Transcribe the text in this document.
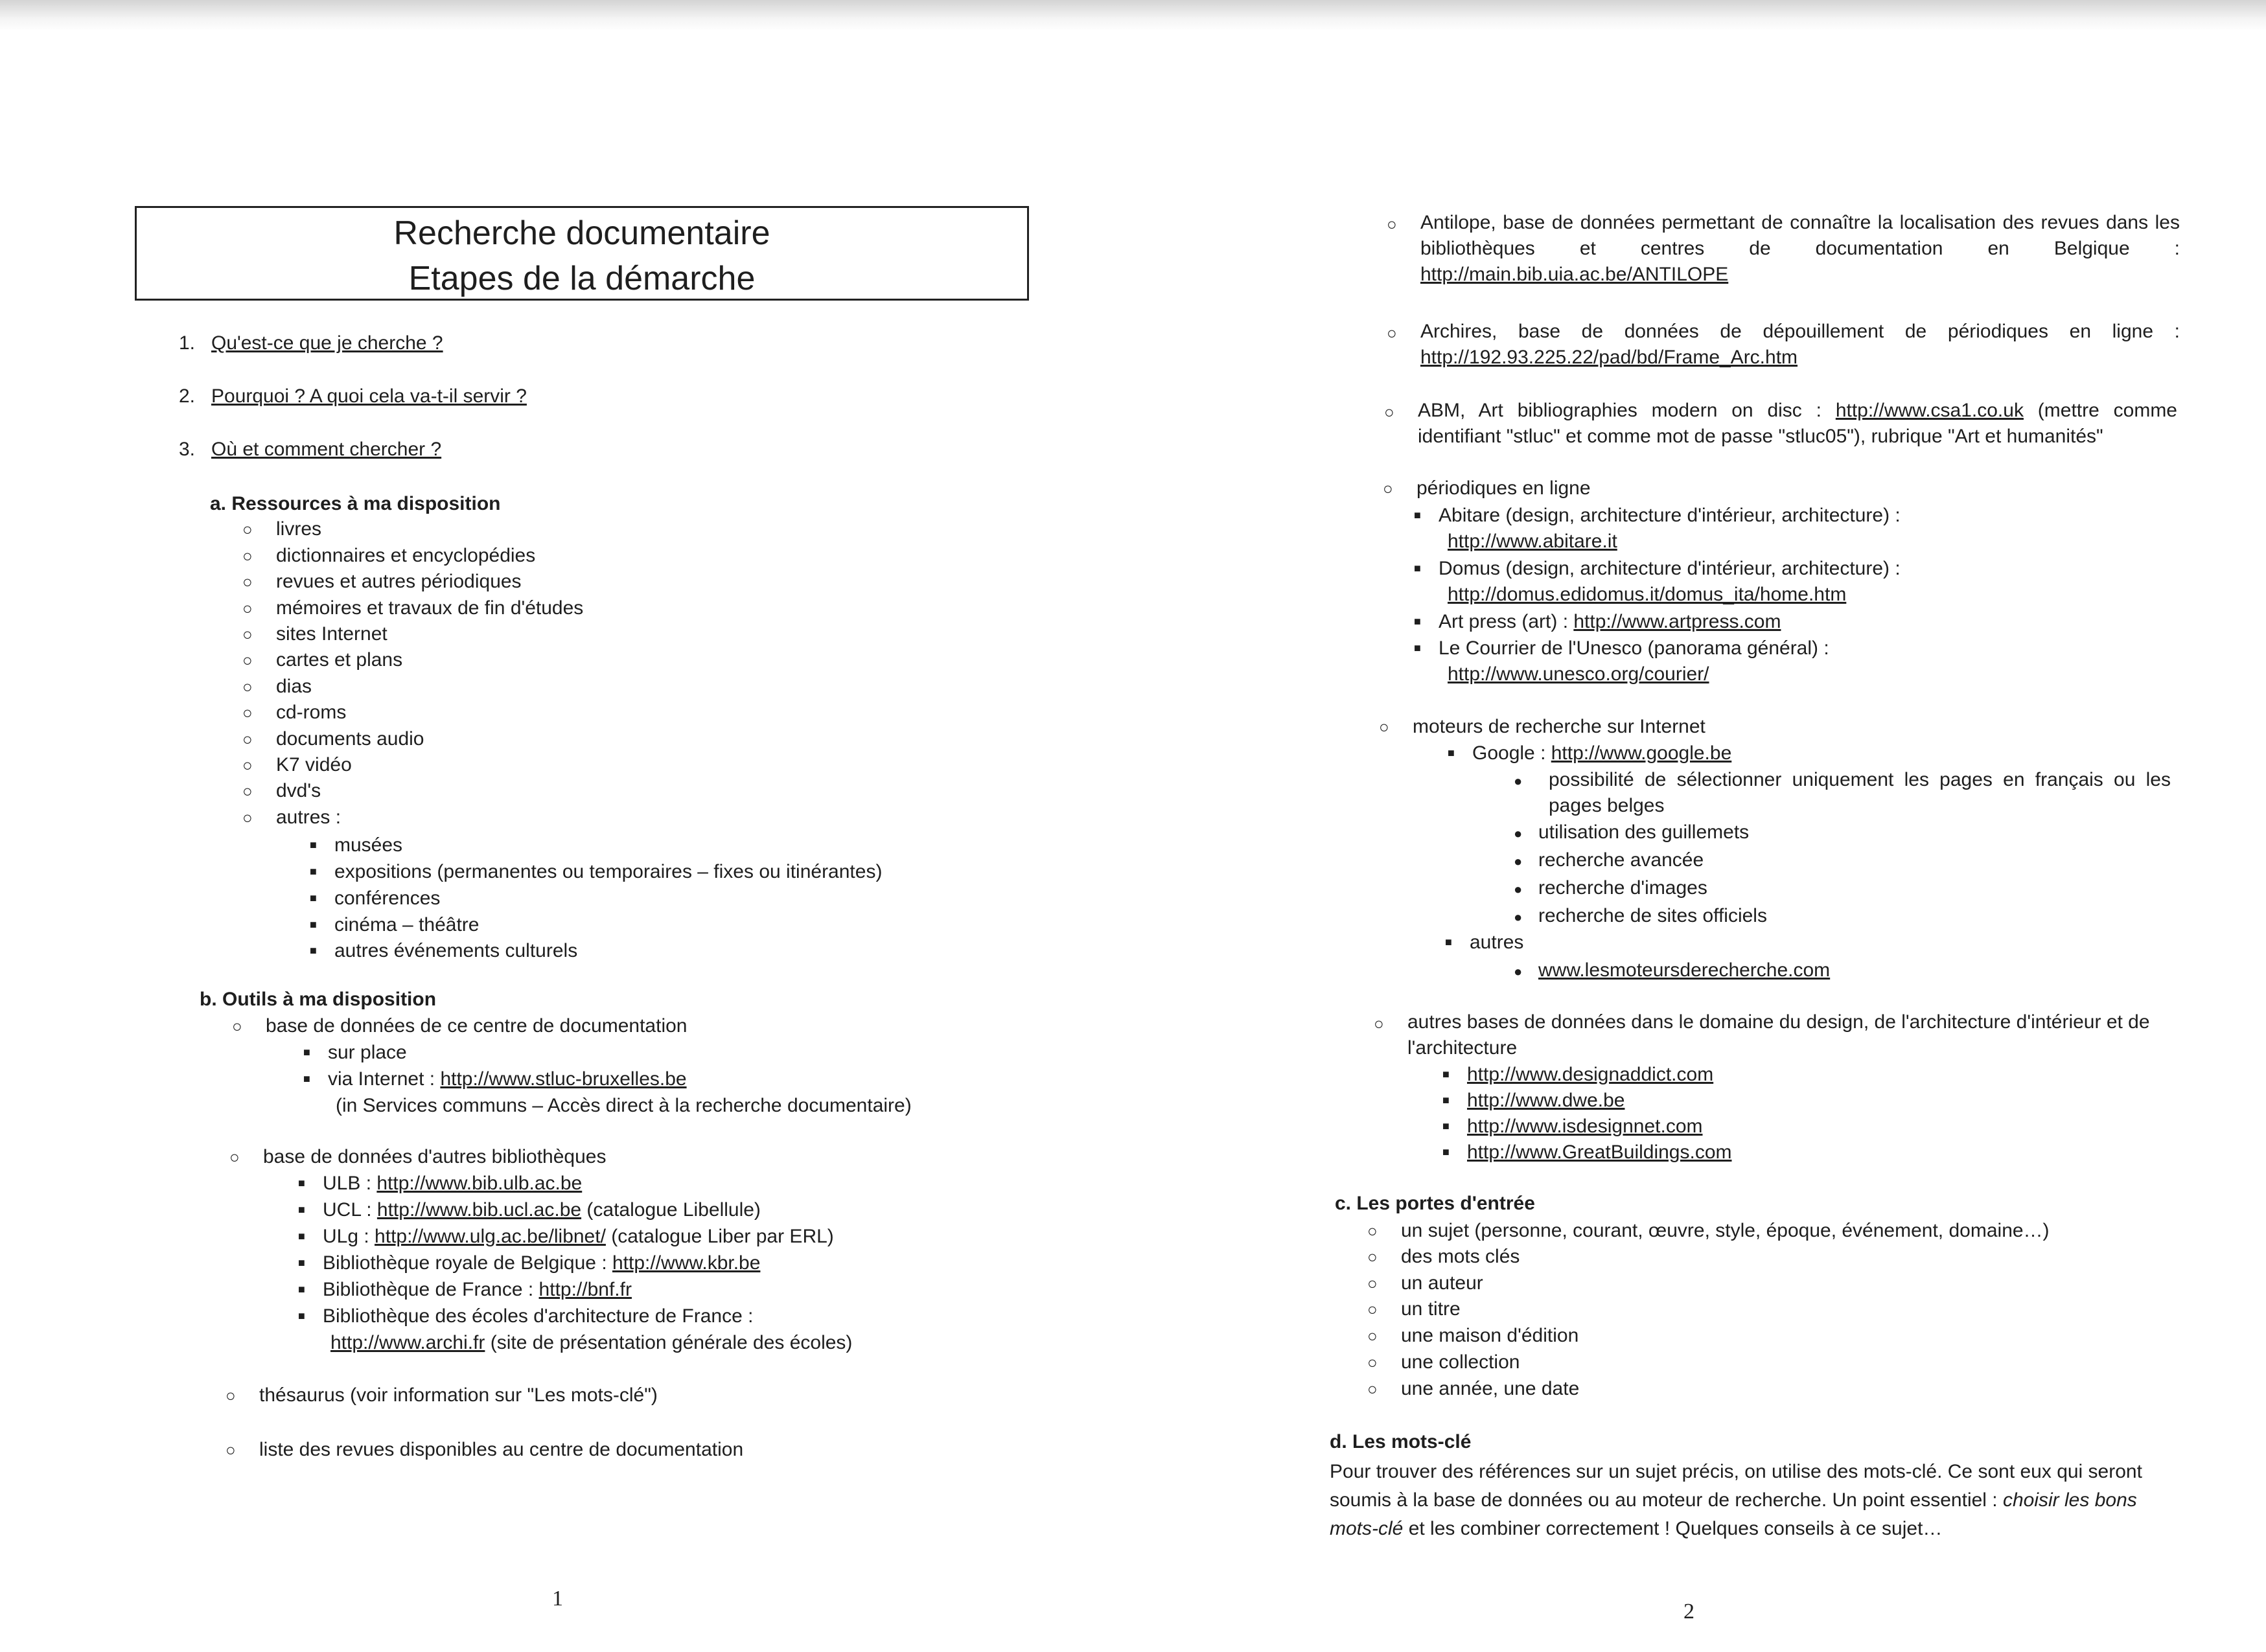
Recherche documentaire
Etapes de la démarche
1. Qu'est-ce que je cherche ?
2. Pourquoi ? A quoi cela va-t-il servir ?
3. Où et comment chercher ?
a. Ressources à ma disposition
○ livres
○ dictionnaires et encyclopédies
○ revues et autres périodiques
○ mémoires et travaux de fin d'études
○ sites Internet
○ cartes et plans
○ dias
○ cd-roms
○ documents audio
○ K7 vidéo
○ dvd's
○ autres :
■ musées
■ expositions (permanentes ou temporaires – fixes ou itinérantes)
■ conférences
■ cinéma – théâtre
■ autres événements culturels
b. Outils à ma disposition
○ base de données de ce centre de documentation
■ sur place
■ via Internet : http://www.stluc-bruxelles.be
(in Services communs – Accès direct à la recherche documentaire)
○ base de données d'autres bibliothèques
■ ULB : http://www.bib.ulb.ac.be
■ UCL : http://www.bib.ucl.ac.be (catalogue Libellule)
■ ULg : http://www.ulg.ac.be/libnet/ (catalogue Liber par ERL)
■ Bibliothèque royale de Belgique : http://www.kbr.be
■ Bibliothèque de France : http://bnf.fr
■ Bibliothèque des écoles d'architecture de France :
http://www.archi.fr (site de présentation générale des écoles)
○ thésaurus (voir information sur "Les mots-clé")
○ liste des revues disponibles au centre de documentation
1
○	Antilope, base de données permettant de connaître la localisation des revues dans les bibliothèques et centres de documentation en Belgique : http://main.bib.uia.ac.be/ANTILOPE
○	Archires, base de données de dépouillement de périodiques en ligne : http://192.93.225.22/pad/bd/Frame_Arc.htm
○	ABM, Art bibliographies modern on disc : http://www.csa1.co.uk (mettre comme identifiant "stluc" et comme mot de passe "stluc05"), rubrique "Art et humanités"
○ périodiques en ligne
■ Abitare (design, architecture d'intérieur, architecture) :
http://www.abitare.it
■ Domus (design, architecture d'intérieur, architecture) :
http://domus.edidomus.it/domus_ita/home.htm
■ Art press (art) : http://www.artpress.com
■ Le Courrier de l'Unesco (panorama général) :
http://www.unesco.org/courier/
○ moteurs de recherche sur Internet
■ Google : http://www.google.be
●	possibilité de sélectionner uniquement les pages en français ou les pages belges
● utilisation des guillemets
● recherche avancée
● recherche d'images
● recherche de sites officiels
■ autres
● www.lesmoteursderecherche.com
○	autres bases de données dans le domaine du design, de l'architecture d'intérieur et de l'architecture
■ http://www.designaddict.com
■ http://www.dwe.be
■ http://www.isdesignnet.com
■ http://www.GreatBuildings.com
c. Les portes d'entrée
○ un sujet (personne, courant, œuvre, style, époque, événement, domaine…)
○ des mots clés
○ un auteur
○ un titre
○ une maison d'édition
○ une collection
○ une année, une date
d. Les mots-clé
Pour trouver des références sur un sujet précis, on utilise des mots-clé. Ce sont eux qui seront soumis à la base de données ou au moteur de recherche. Un point essentiel : choisir les bons mots-clé et les combiner correctement ! Quelques conseils à ce sujet…
2
